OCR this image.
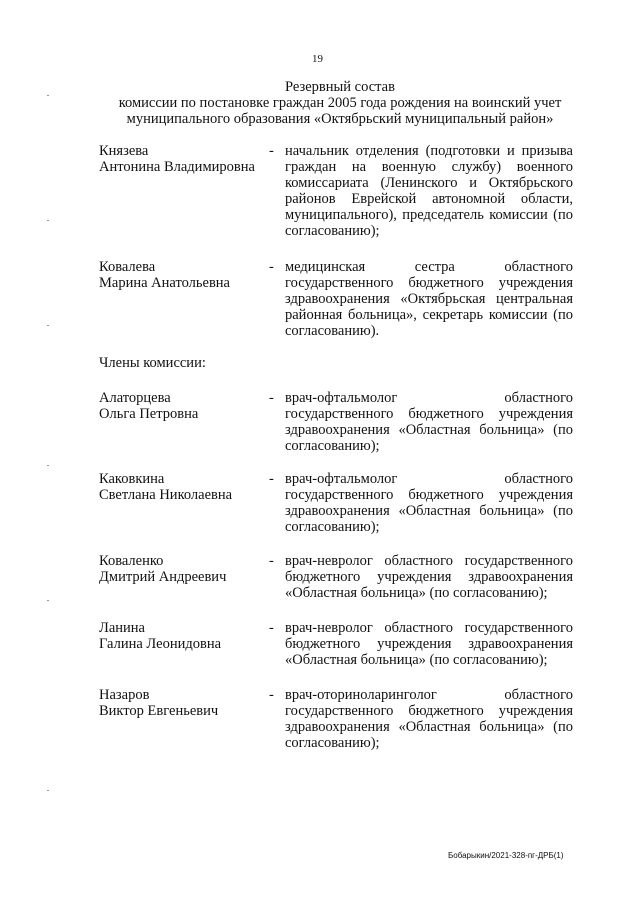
19
Резервный состав
комиссии по постановке граждан 2005 года рождения на воинский учет
муниципального образования «Октябрьский муниципальный район»
Князева
Антонина Владимировна
- начальник отделения (подготовки и призыва граждан на военную службу) военного комиссариата (Ленинского и Октябрьского районов Еврейской автономной области, муниципального), председатель комиссии (по согласованию);
Ковалева
Марина Анатольевна
- медицинская сестра областного государственного бюджетного учреждения здравоохранения «Октябрьская центральная районная больница», секретарь комиссии (по согласованию).
Члены комиссии:
Алаторцева
Ольга Петровна
- врач-офтальмолог областного государственного бюджетного учреждения здравоохранения «Областная больница» (по согласованию);
Каковкина
Светлана Николаевна
- врач-офтальмолог областного государственного бюджетного учреждения здравоохранения «Областная больница» (по согласованию);
Коваленко
Дмитрий Андреевич
- врач-невролог областного государственного бюджетного учреждения здравоохранения «Областная больница» (по согласованию);
Ланина
Галина Леонидовна
- врач-невролог областного государственного бюджетного учреждения здравоохранения «Областная больница» (по согласованию);
Назаров
Виктор Евгеньевич
- врач-оториноларинголог областного государственного бюджетного учреждения здравоохранения «Областная больница» (по согласованию);
Бобарыкин/2021-328-пг-ДРБ(1)
